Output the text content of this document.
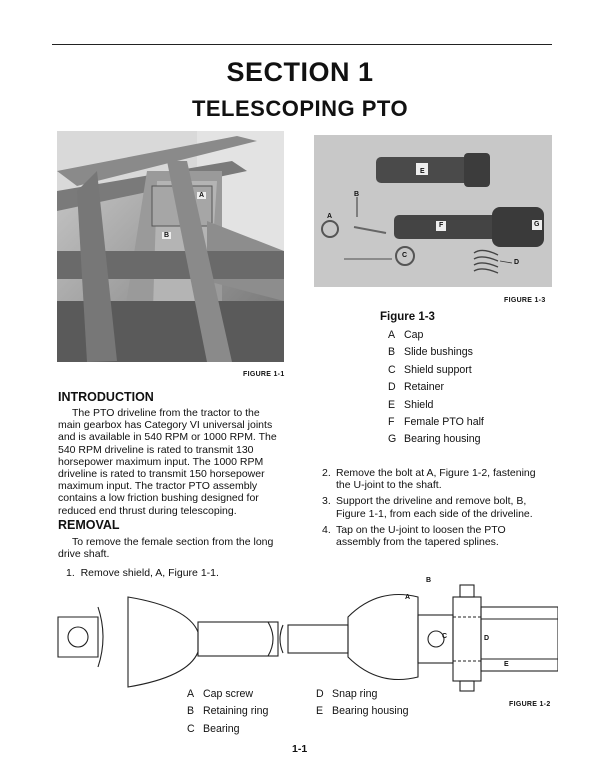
SECTION 1
TELESCOPING PTO
A
B
FIGURE 1-1
E
A
B
F	G
C
D
FIGURE 1-3
Figure 1-3
A Cap
B Slide bushings
C Shield support
D Retainer
E Shield
F Female PTO half
G Bearing housing
INTRODUCTION
The PTO driveline from the tractor to the
main gearbox has Category VI universal joints
and is available in 540 RPM or 1000 RPM. The
540 RPM driveline is rated to transmit 130
horsepower maximum input. The 1000 RPM
driveline is rated to transmit 150 horsepower
maximum input. The tractor PTO assembly
contains a low friction bushing designed for
reduced end thrust during telescoping.
REMOVAL
To remove the female section from the long
drive shaft.
1.  Remove shield, A, Figure 1-1.
2. Remove the bolt at A, Figure 1-2, fastening
the U-joint to the shaft.
3. Support the driveline and remove bolt, B,
Figure 1-1, from each side of the driveline.
4. Tap on the U-joint to loosen the PTO
assembly from the tapered splines.
A
B
C	D
E
A Cap screw
B Retaining ring
C Bearing
D Snap ring
E Bearing housing
FIGURE 1-2
1-1
